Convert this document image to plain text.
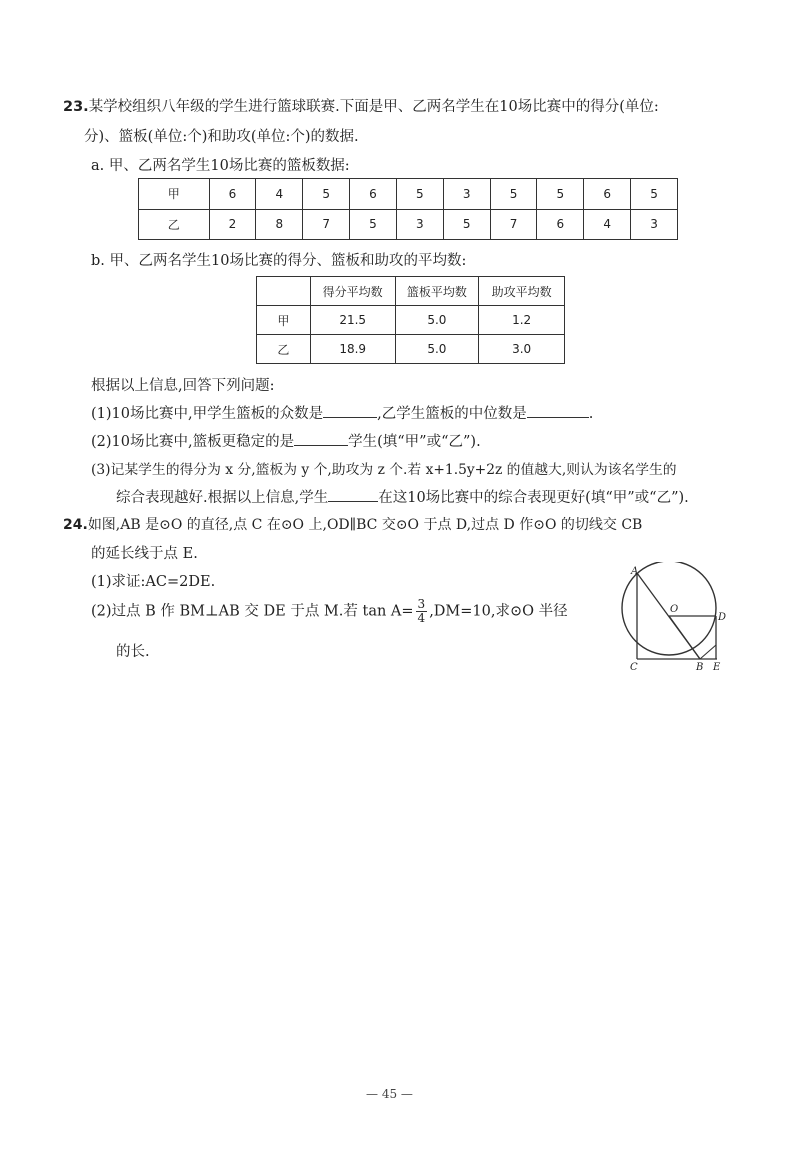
23.某学校组织八年级的学生进行篮球联赛.下面是甲、乙两名学生在10场比赛中的得分(单位:
分)、篮板(单位:个)和助攻(单位:个)的数据.
a. 甲、乙两名学生10场比赛的篮板数据:
甲	6	4	5	6	5	3	5	5	6	5
乙	2	8	7	5	3	5	7	6	4	3
b. 甲、乙两名学生10场比赛的得分、篮板和助攻的平均数:
	得分平均数	篮板平均数	助攻平均数
甲	21.5	5.0	1.2
乙	18.9	5.0	3.0
根据以上信息,回答下列问题:
(1)10场比赛中,甲学生篮板的众数是	,乙学生篮板的中位数是	.
(2)10场比赛中,篮板更稳定的是	学生(填“甲”或“乙”).
(3)记某学生的得分为 x 分,篮板为 y 个,助攻为 z 个.若 x+1.5y+2z 的值越大,则认为该名学生的
综合表现越好.根据以上信息,学生	在这10场比赛中的综合表现更好(填“甲”或“乙”).
24.如图,AB 是⊙O 的直径,点 C 在⊙O 上,OD∥BC 交⊙O 于点 D,过点 D 作⊙O 的切线交 CB
的延长线于点 E.
(1)求证:AC=2DE.
(2)过点 B 作 BM⊥AB 交 DE 于点 M.若 $\tan A= \frac{3}{4} ,DM=10$,求⊙O 半径
的长.
A
O
D
C	B E
— 45 —
